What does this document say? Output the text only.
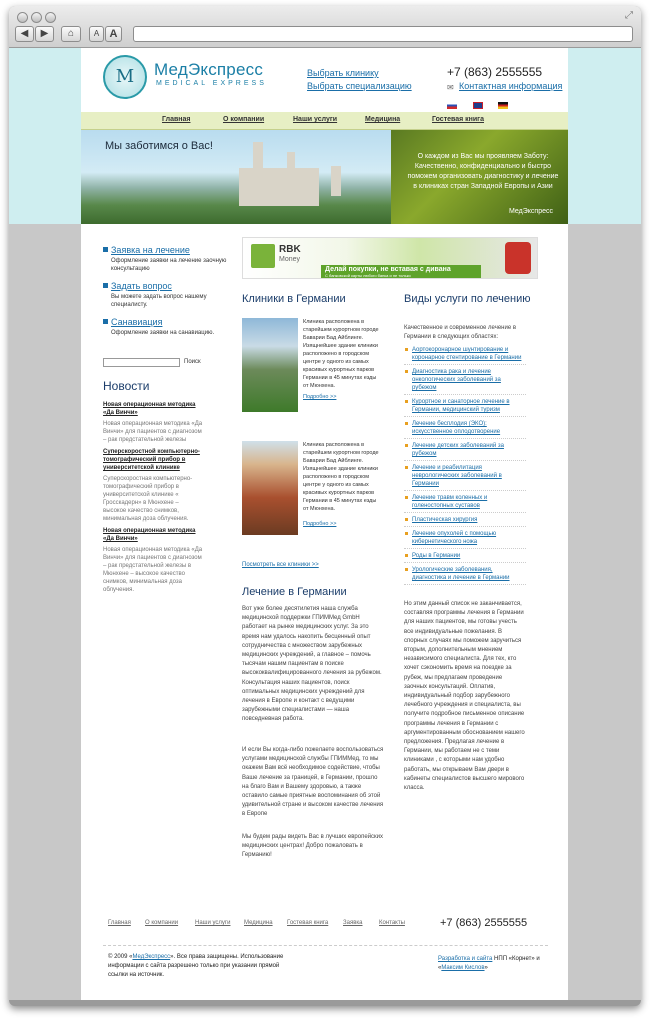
◀	▶	⌂	A A
⤢
M	МедЭкспресс
MEDICAL EXPRESS
Выбрать клинику
Выбрать специализацию
+7 (863) 2555555
✉ Контактная информация
Главная	О компании	Наши услуги	Медицина	Гостевая книга
Мы заботимся о Вас!
О каждом из Вас мы проявляем Заботу: Качественно, конфиденциально и быстро поможем организовать диагностику и лечение в клиниках стран Западной Европы и Азии
МедЭкспресс
Заявка на лечение
Оформление заявки на лечение заочную консультацию
Задать вопрос
Вы можете задать вопрос нашему специалисту.
Санавиация
Оформление заявки на санавиацию.
Поиск
Новости
Новая операционная методика «Да Винчи»
Новая операционная методика «Да Винчи» для пациентов с диагнозом – рак предстательной железы
Суперскоростной компьютерно-томографический прибор в университетской клинике
Суперскоростная компьютерно-томографический прибор в университетской клинике « Гросскадерн» в Мюнхене – высокое качество снимков, минимальная доза облучения.
Новая операционная методика «Да Винчи»
Новая операционная методика «Да Винчи» для пациентов с диагнозом – рак предстательной железы в Мюнхене – высокое качество снимков, минимальная доза облучения.
RBK
Money
Делай покупки, не вставая с дивана
С банковской карты любого банка и не только
Клиники в Германии
Клиника расположена в старейшем курортном городе Баварии Бад Айблинге. Изящнейшее здание клиники расположено в городском центре у одного из самых красивых курортных парков Германии в 45 минутах езды от Мюнхена.
Подробно >>
Клиника расположена в старейшем курортном городе Баварии Бад Айблинге. Изящнейшее здание клиники расположено в городском центре у одного из самых красивых курортных парков Германии в 45 минутах езды от Мюнхена.
Подробно >>
Посмотреть все клиники >>
Виды услуги по лечению
Качественное и современное лечение в Германии в следующих областях:
Аортокоронарное шунтирование и коронарное стентирование в Германии
Диагностика рака и лечение онкологических заболеваний за рубежом
Курортное и санаторное лечение в Германии, медицинский туризм
Лечение бесплодия (ЭКО): искусственное оплодотворение
Лечение детских заболеваний за рубежом
Лечение и реабилитация неврологических заболеваний в Германии
Лечение травм коленных и голеностопных суставов
Пластическая хирургия
Лечение опухолей с помощью кибернетического ножа
Роды в Германии
Урологические заболевания, диагностика и лечение в Германии
Но этим данный список не заканчивается, составляя программы лечения в Германии для наших пациентов, мы готовы учесть все индивидуальные пожелания. В спорных случаях мы поможем заручиться вторым, дополнительным мнением независимого специалиста. Для тех, кто хочет сэкономить время на поездке за рубеж, мы предлагаем проведение заочных консультаций. Оплатив, индивидуальный подбор зарубежного лечебного учреждения и специалиста, вы получите подробное письменное описание программы лечения в Германии с аргументированным обоснованием нашего предложения. Предлагая лечение в Германии, мы работаем не с теми клиниками , с которыми нам удобно работать, мы открываем Вам двери в кабинеты специалистов высшего мирового класса.
Лечение в Германии
Вот уже более десятилетия наша служба медицинской поддержки ГПИММед GmbH работает на рынке медицинских услуг. За это время нам удалось накопить бесценный опыт сотрудничества с множеством зарубежных медицинских учреждений, а главное – помочь тысячам нашим пациентам в поиске высококвалифицированного лечения за рубежом. Консультация наших пациентов, поиск оптимальных медицинских учреждений для лечения в Европе и контакт с ведущими зарубежными специалистами — наша повседневная работа.
И если Вы когда-либо пожелаете воспользоваться услугами медицинской службы ГПИММед, то мы окажем Вам всё необходимое содействие, чтобы Ваше лечение за границей, в Германии, прошло на благо Вам и Вашему здоровью, а также оставило самые приятные воспоминания об этой удивительной стране и высоком качестве лечения в Европе
Мы будем рады видеть Вас в лучших европейских медицинских центрах! Добро пожаловать в Германию!
Главная О компании	Наши услуги Медицина Гостевая книга Заявка	Контакты	+7 (863) 2555555
© 2009 «МедЭкспресс». Все права защищены. Использование информации с сайта разрешено только при указании прямой ссылки на источник.
Разработка и сайта НПП «Корнет» и «Максим Кислов»
